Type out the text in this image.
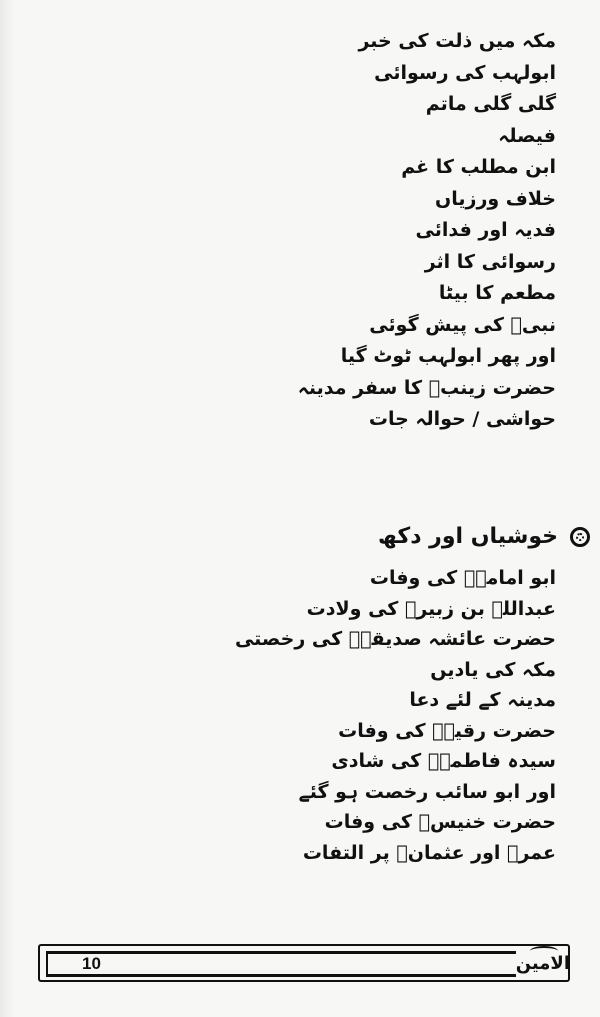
مکہ میں ذلت کی خبر
ابولہب کی رسوائی
گلی گلی ماتم
فیصلہ
ابن مطلب کا غم
خلاف ورزیاں
فدیہ اور فدائی
رسوائی کا اثر
مطعم کا بیٹا
نبیؐ کی پیش گوئی
اور پھر ابولہب ٹوٹ گیا
حضرت زینبؓ کا سفر مدینہ
حواشی / حوالہ جات
خوشیاں اور دکھ
ابو امامہؓ کی وفات
عبداللہ بن زبیرؓ کی ولادت
حضرت عائشہ صدیقہؓ کی رخصتی
مکہ کی یادیں
مدینہ کے لئے دعا
حضرت رقیہؓ کی وفات
سیدہ فاطمہؓ کی شادی
اور ابو سائب رخصت ہو گئے
حضرت خنیسؓ کی وفات
عمرؓ اور عثمانؓ پر التفات
10	الامین
